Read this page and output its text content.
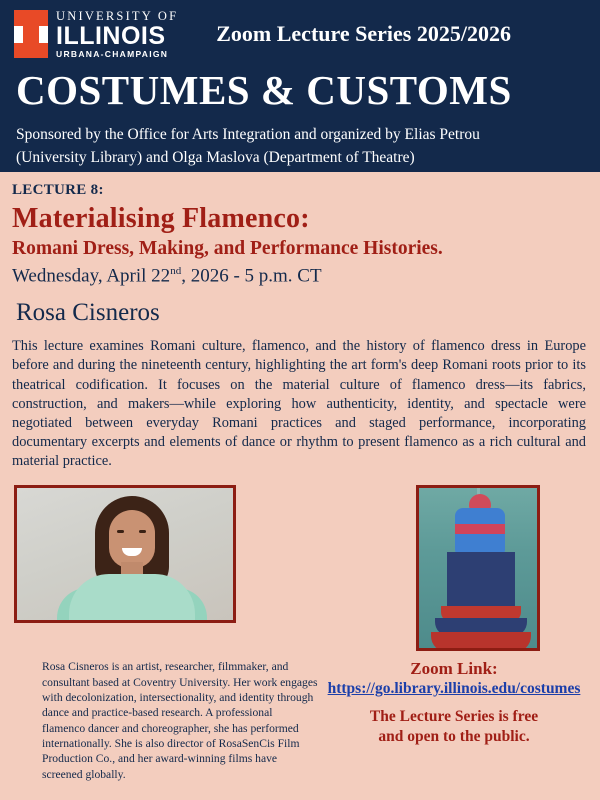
UNIVERSITY OF
ILLINOIS
URBANA-CHAMPAIGN
Zoom Lecture Series 2025/2026
COSTUMES & CUSTOMS
Sponsored by the Office for Arts Integration and organized by Elias Petrou
(University Library) and Olga Maslova (Department of Theatre)
LECTURE 8:
Materialising Flamenco:
Romani Dress, Making, and Performance Histories.
Wednesday, April 22nd, 2026 - 5 p.m. CT
Rosa Cisneros
This lecture examines Romani culture, flamenco, and the history of flamenco dress in Europe before and during the nineteenth century, highlighting the art form's deep Romani roots prior to its theatrical codification. It focuses on the material culture of flamenco dress—its fabrics, construction, and makers—while exploring how authenticity, identity, and spectacle were negotiated between everyday Romani practices and staged performance, incorporating documentary excerpts and elements of dance or rhythm to present flamenco as a rich cultural and material practice.
Rosa Cisneros is an artist, researcher, filmmaker, and consultant based at Coventry University. Her work engages with decolonization, intersectionality, and identity through dance and practice-based research. A professional flamenco dancer and choreographer, she has performed internationally. She is also director of RosaSenCis Film Production Co., and her award-winning films have screened globally.
Zoom Link:
https://go.library.illinois.edu/costumes
The Lecture Series is free
and open to the public.
